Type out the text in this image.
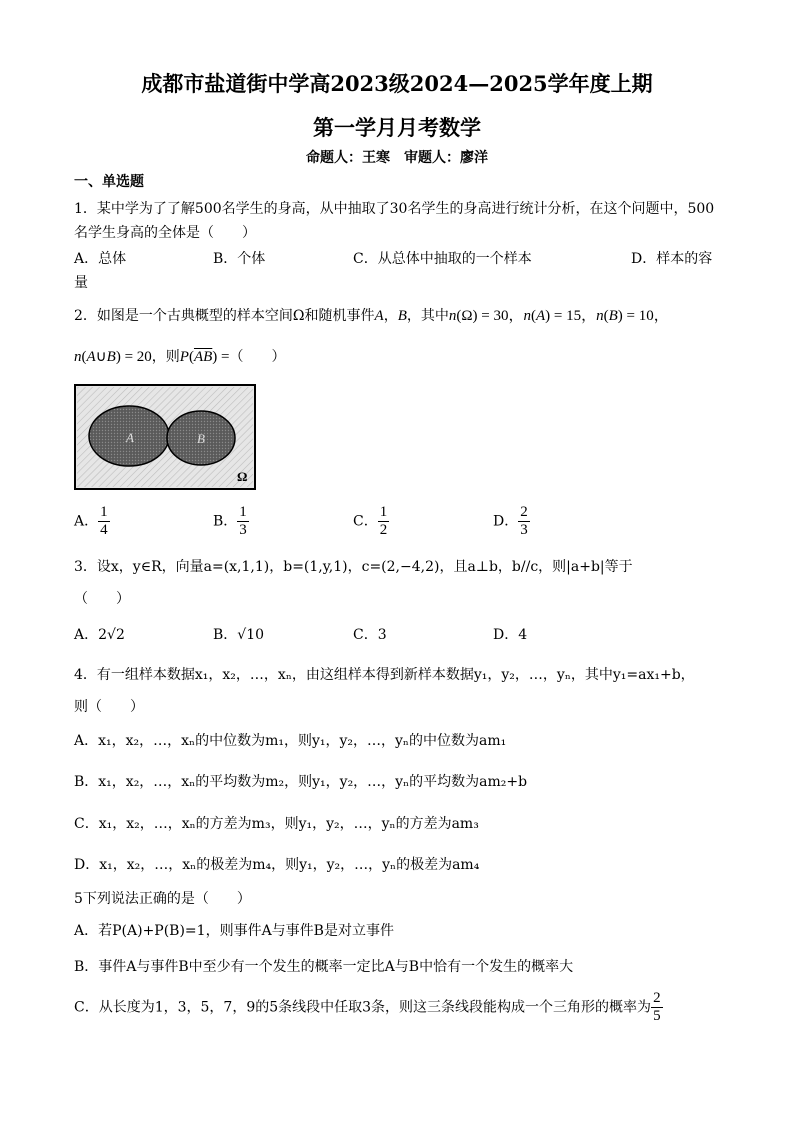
成都市盐道街中学高2023级2024—2025学年度上期
第一学月月考数学
命题人：王寒　审题人：廖洋
一、单选题
1．某中学为了了解500名学生的身高，从中抽取了30名学生的身高进行统计分析，在这个问题中，500
名学生身高的全体是（　　）
A．总体	B．个体	C．从总体中抽取的一个样本	D．样本的容
量
2．如图是一个古典概型的样本空间Ω和随机事件A，B，其中n(Ω) = 30，n(A) = 15，n(B) = 10，
n(A∪B) = 20，则$P(\overline{AB})$ =（　　）
A	B
Ω
A． $\frac{1}{4}$	B． $\frac{1}{3}$	C． $\frac{1}{2}$	D． $\frac{2}{3}$
3．设x，y∈R，向量a=(x,1,1)，b=(1,y,1)，c=(2,−4,2)，且a⊥b，b//c，则|a+b|等于
（　　）
A．2√2	B．√10	C．3	D．4
4．有一组样本数据x₁，x₂，…，xₙ，由这组样本得到新样本数据y₁，y₂，…，yₙ，其中y₁=ax₁+b，
则（　　）
A．x₁，x₂，…，xₙ的中位数为m₁，则y₁，y₂，…，yₙ的中位数为am₁
B．x₁，x₂，…，xₙ的平均数为m₂，则y₁，y₂，…，yₙ的平均数为am₂+b
C．x₁，x₂，…，xₙ的方差为m₃，则y₁，y₂，…，yₙ的方差为am₃
D．x₁，x₂，…，xₙ的极差为m₄，则y₁，y₂，…，yₙ的极差为am₄
5下列说法正确的是（　　）
A．若P(A)+P(B)=1，则事件A与事件B是对立事件
B．事件A与事件B中至少有一个发生的概率一定比A与B中恰有一个发生的概率大
C．从长度为1，3，5，7，9的5条线段中任取3条，则这三条线段能构成一个三角形的概率为 $\frac{2}{5}$
